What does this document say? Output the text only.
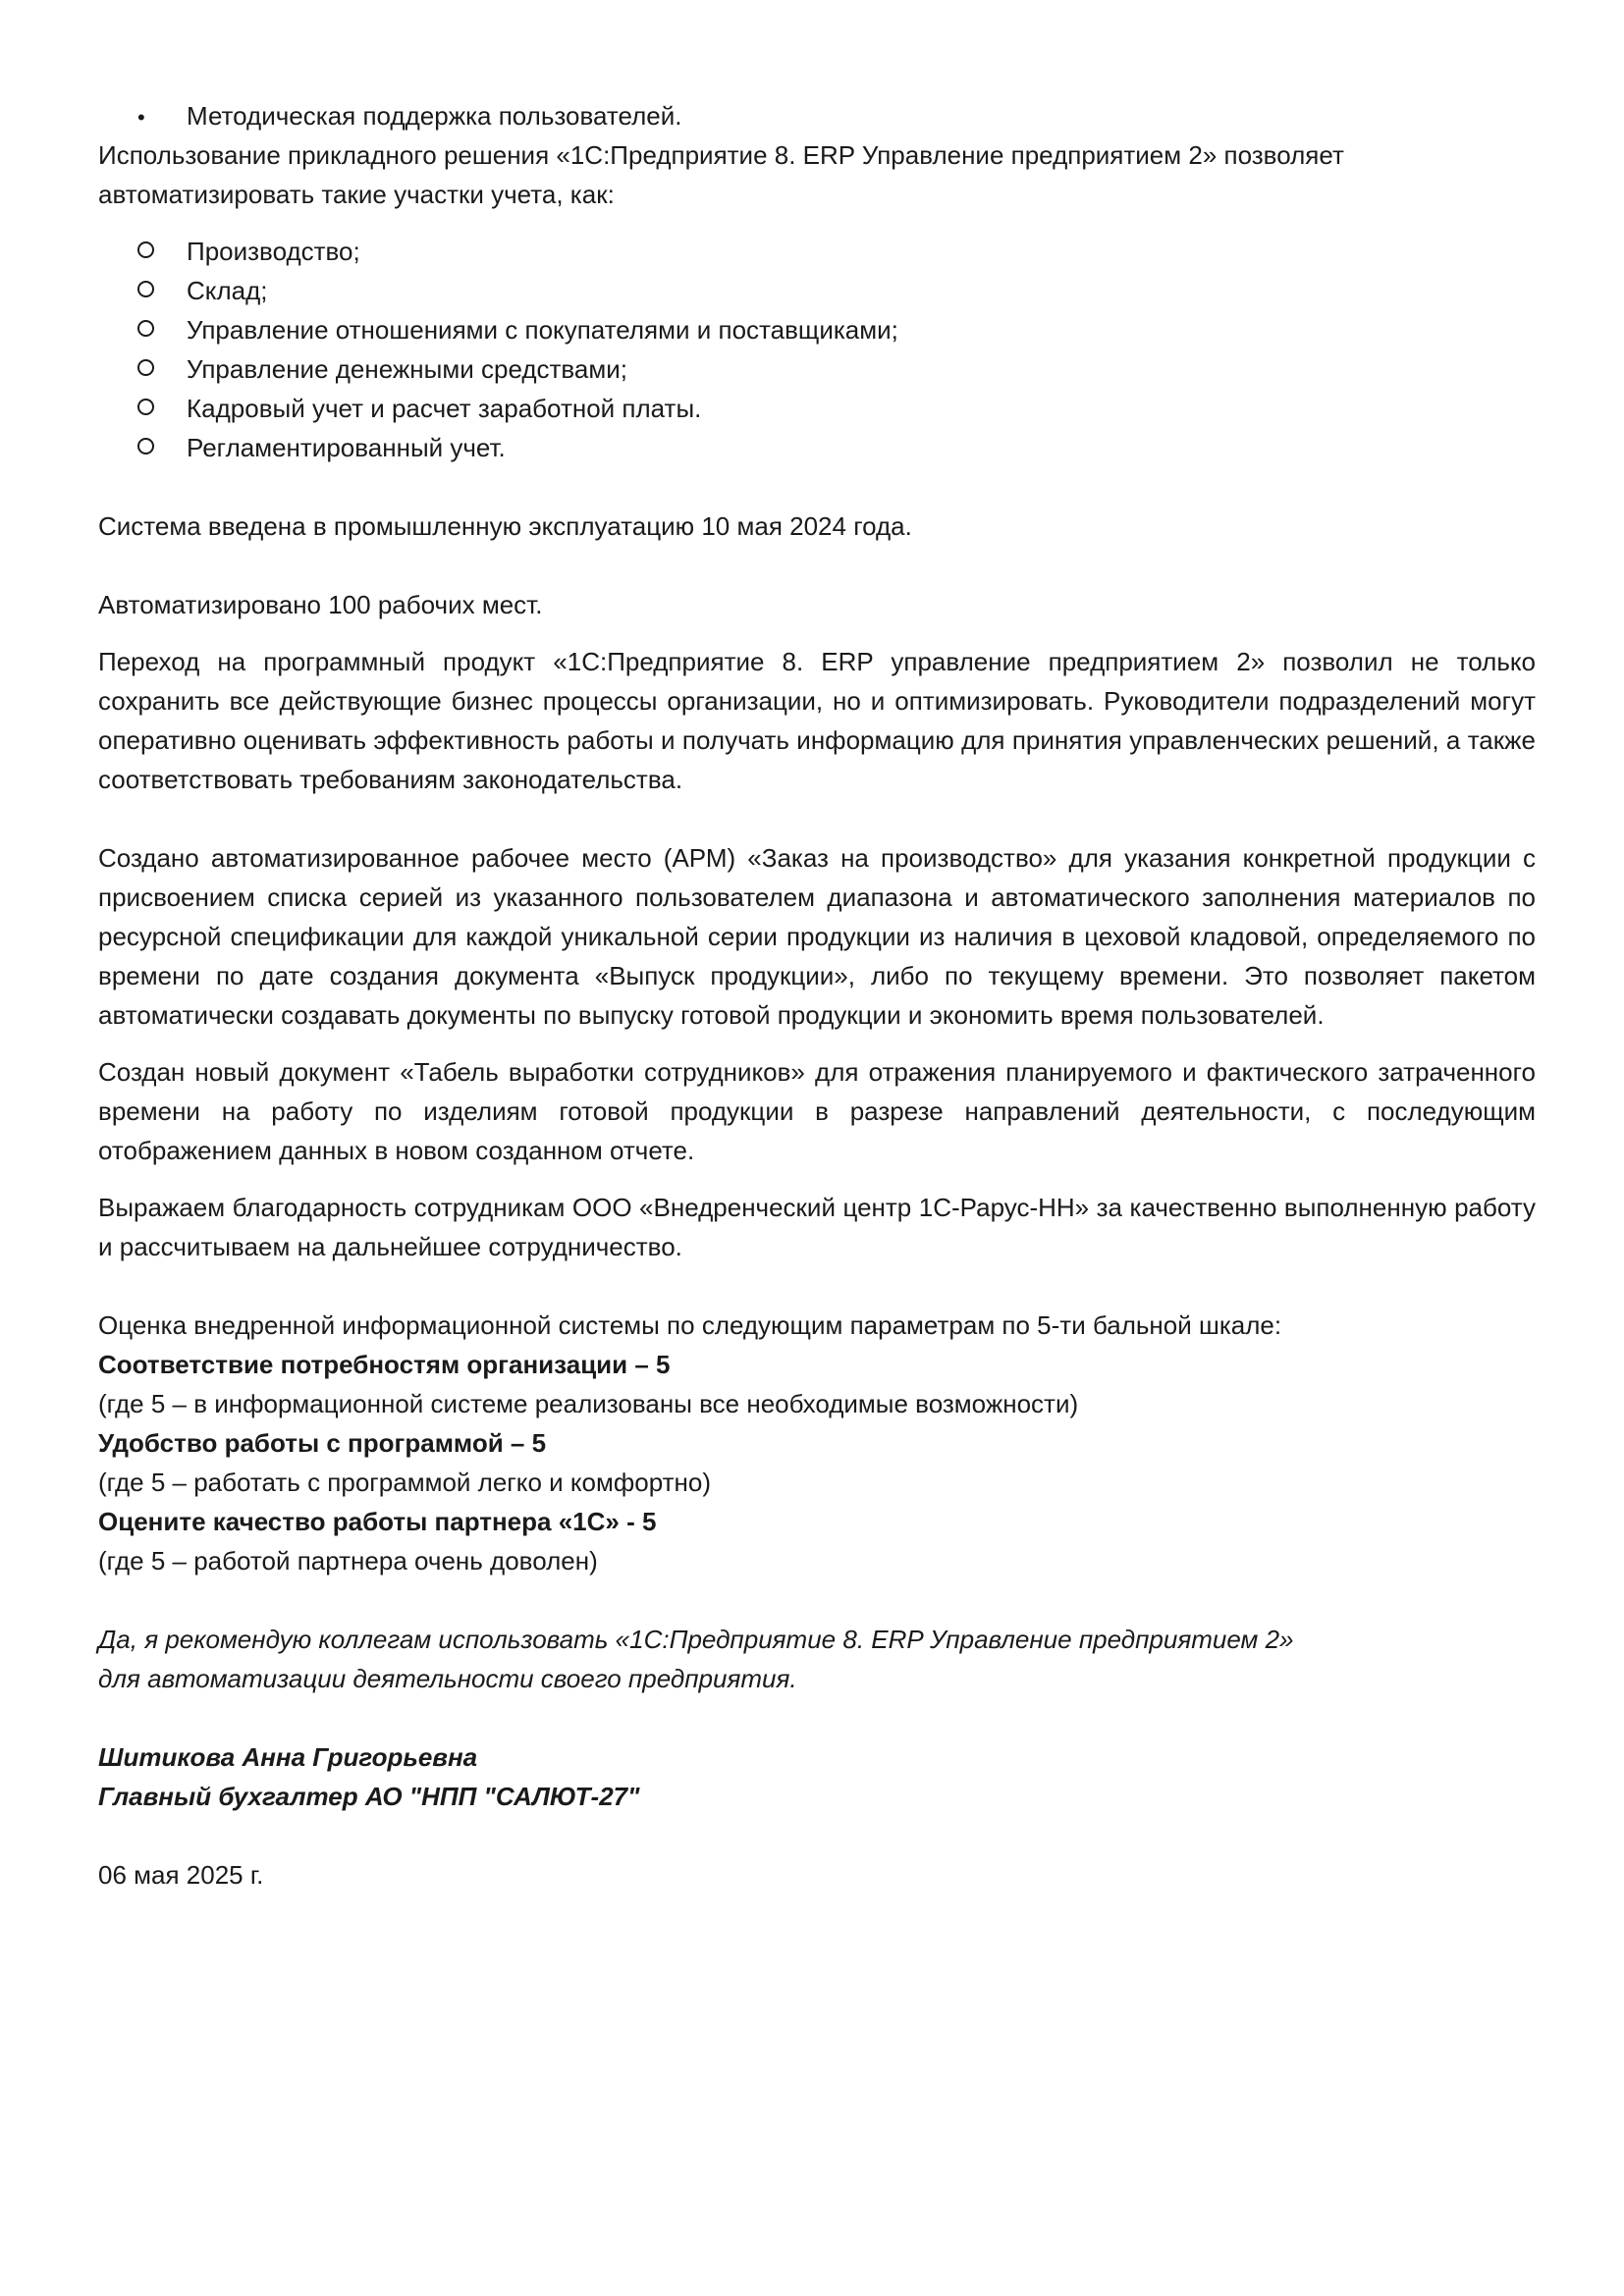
•	Методическая поддержка пользователей.
Использование прикладного решения «1С:Предприятие 8. ERP Управление предприятием 2» позволяет
автоматизировать такие участки учета, как:
Производство;
Склад;
Управление отношениями с покупателями и поставщиками;
Управление денежными средствами;
Кадровый учет и расчет заработной платы.
Регламентированный учет.
Система введена в промышленную эксплуатацию 10 мая 2024 года.
Автоматизировано 100 рабочих мест.

Переход на программный продукт «1С:Предприятие 8. ERP управление предприятием 2» позволил не только сохранить все действующие бизнес процессы организации, но и оптимизировать. Руководители подразделений могут оперативно оценивать эффективность работы и получать информацию для принятия управленческих решений, а также соответствовать требованиям законодательства.

Создано автоматизированное рабочее место (АРМ) «Заказ на производство» для указания конкретной продукции с присвоением списка серией из указанного пользователем диапазона и автоматического заполнения материалов по ресурсной спецификации для каждой уникальной серии продукции из наличия в цеховой кладовой, определяемого по времени по дате создания документа «Выпуск продукции», либо по текущему времени. Это позволяет пакетом автоматически создавать документы по выпуску готовой продукции и экономить время пользователей.

Создан новый документ «Табель выработки сотрудников» для отражения планируемого и фактического затраченного времени на работу по изделиям готовой продукции в разрезе направлений деятельности, с последующим отображением данных в новом созданном отчете.

Выражаем благодарность сотрудникам ООО «Внедренческий центр 1С-Рарус-НН» за качественно выполненную работу и рассчитываем на дальнейшее сотрудничество.

Оценка внедренной информационной системы по следующим параметрам по 5-ти бальной шкале:
Соответствие потребностям организации – 5
(где 5 – в информационной системе реализованы все необходимые возможности)
Удобство работы с программой – 5
(где 5 – работать с программой легко и комфортно)
Оцените качество работы партнера «1С» - 5
(где 5 – работой партнера очень доволен)
Да, я рекомендую коллегам использовать «1С:Предприятие 8. ERP Управление предприятием 2»
для автоматизации деятельности своего предприятия.
Шитикова Анна Григорьевна
Главный бухгалтер АО "НПП "САЛЮТ-27"
06 мая 2025 г.
